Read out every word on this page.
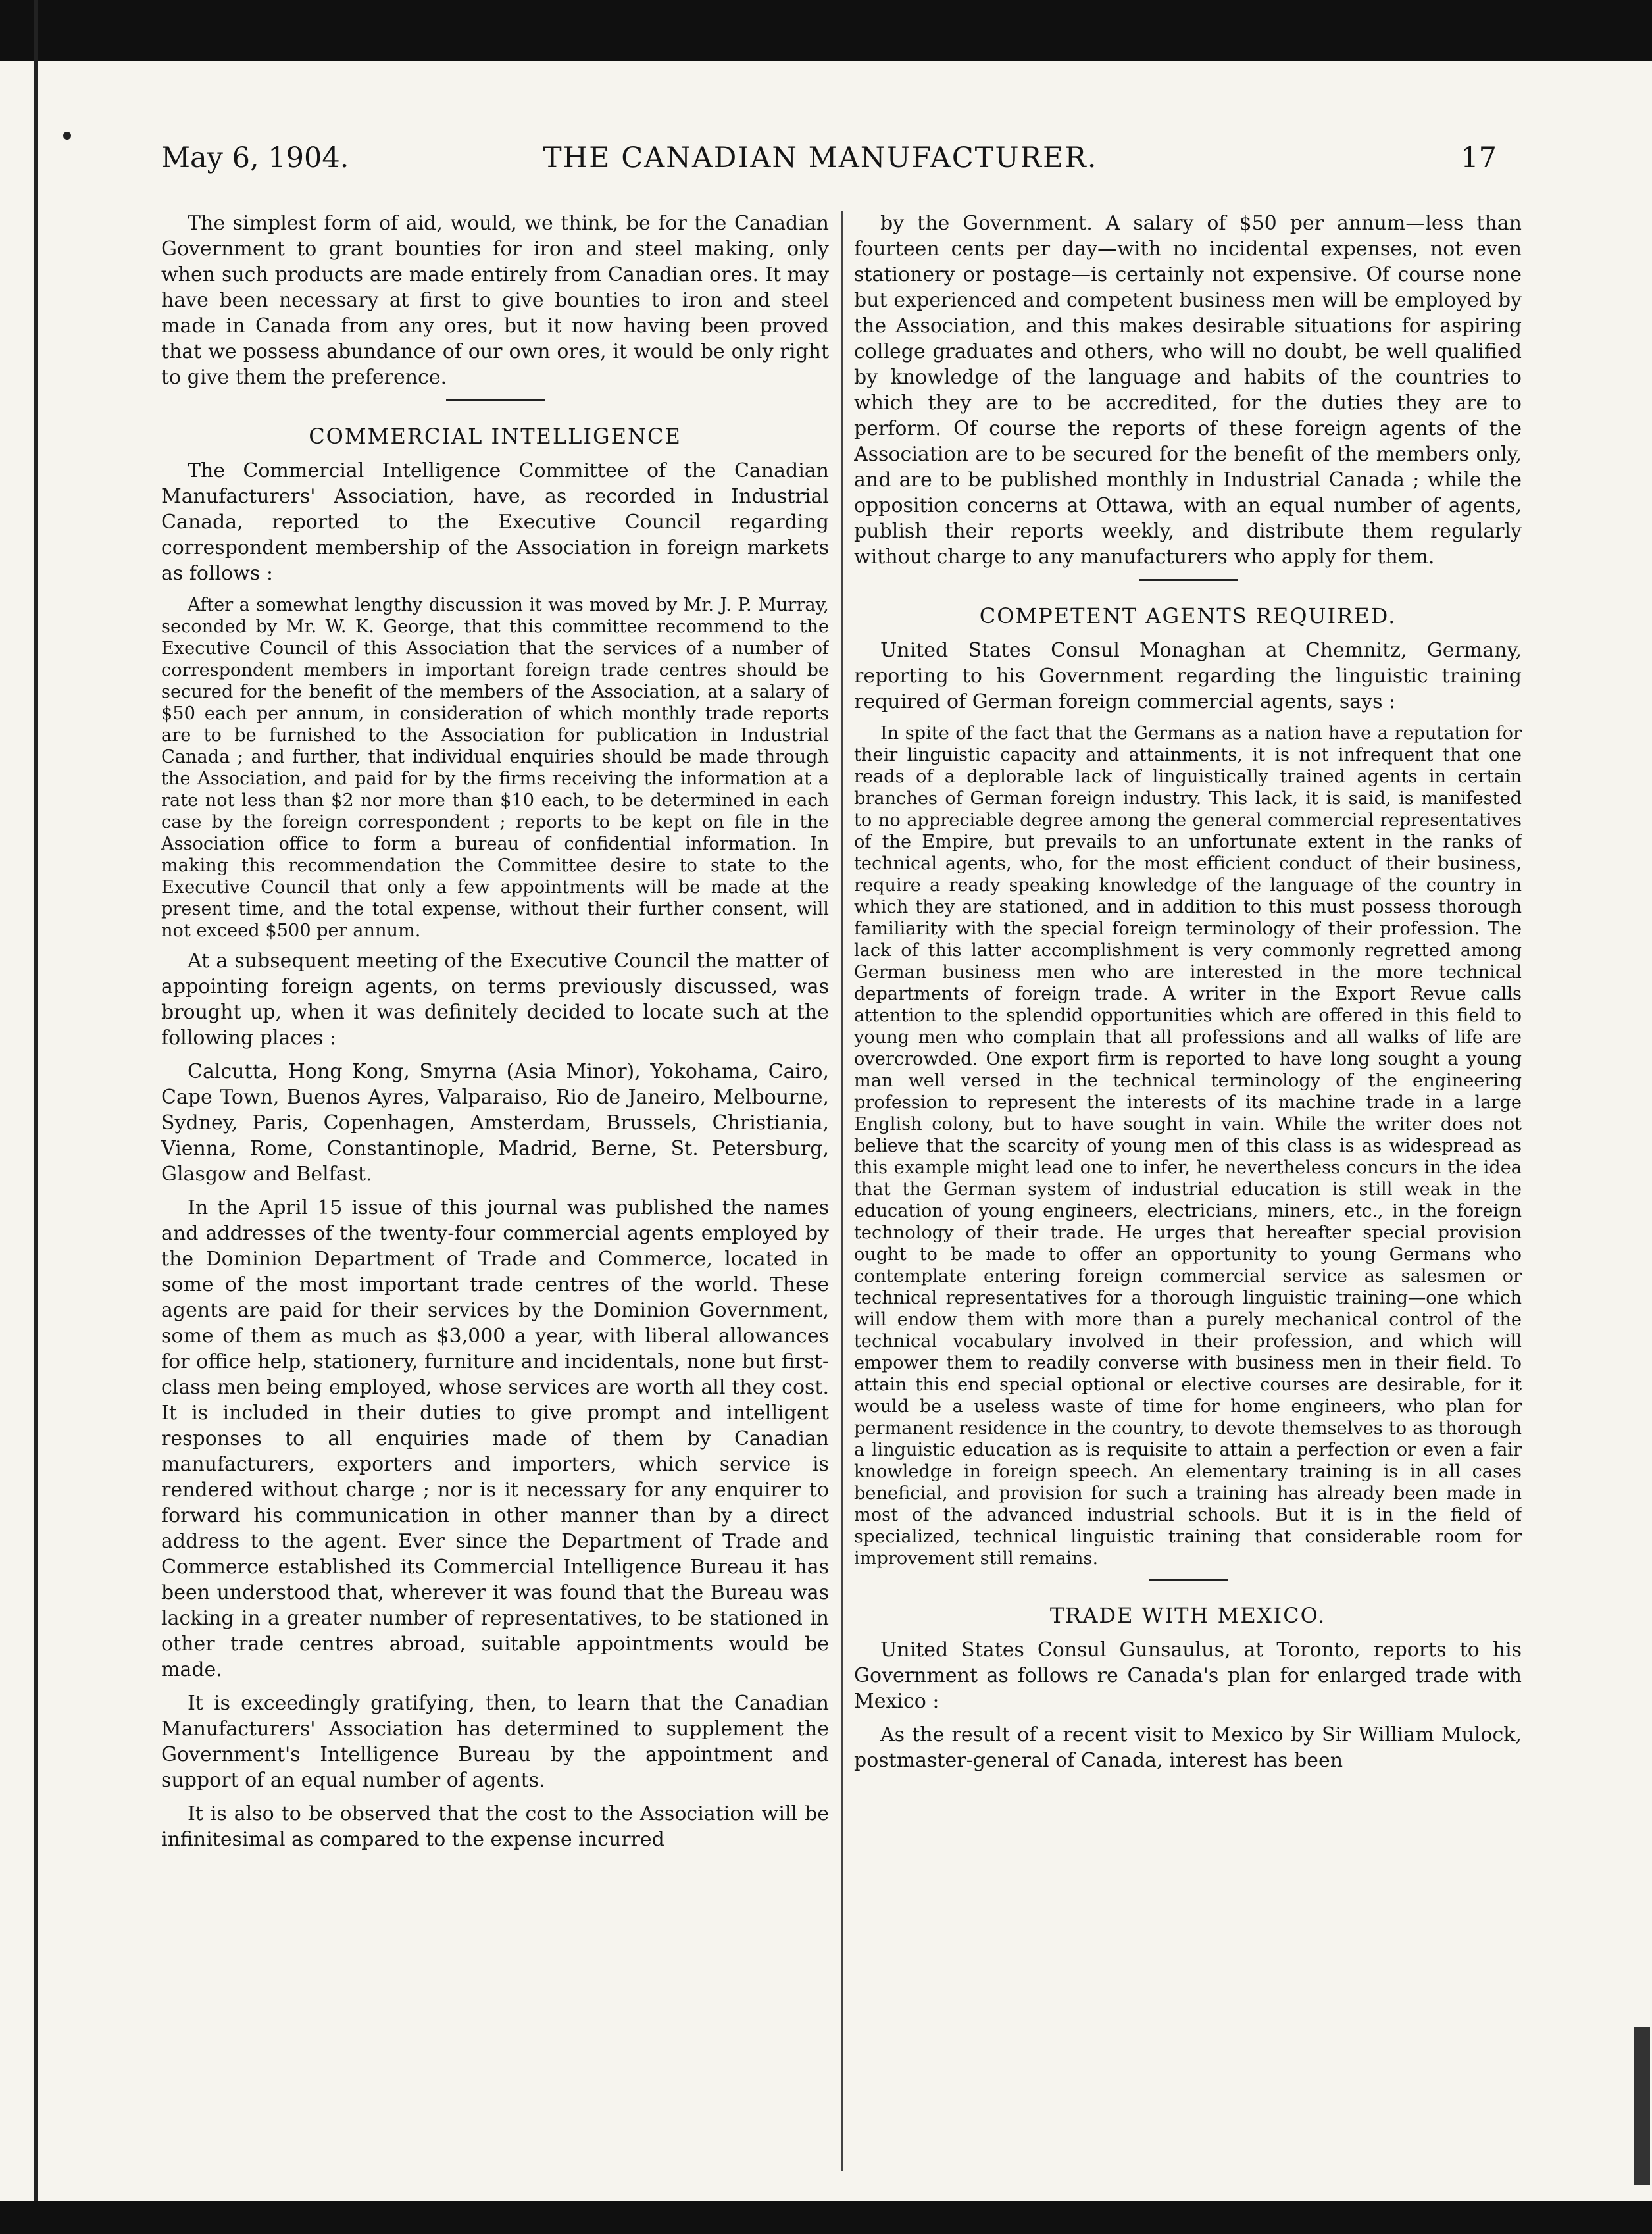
May 6, 1904.	THE CANADIAN MANUFACTURER.	17

The simplest form of aid, would, we think, be for the Canadian Government to grant bounties for iron and steel making, only when such products are made entirely from Canadian ores. It may have been necessary at first to give bounties to iron and steel made in Canada from any ores, but it now having been proved that we possess abundance of our own ores, it would be only right to give them the preference.

COMMERCIAL INTELLIGENCE

The Commercial Intelligence Committee of the Canadian Manufacturers' Association, have, as recorded in Industrial Canada, reported to the Executive Council regarding correspondent membership of the Association in foreign markets as follows :

After a somewhat lengthy discussion it was moved by Mr. J. P. Murray, seconded by Mr. W. K. George, that this committee recommend to the Executive Council of this Association that the services of a number of correspondent members in important foreign trade centres should be secured for the benefit of the members of the Association, at a salary of $50 each per annum, in consideration of which monthly trade reports are to be furnished to the Association for publication in Industrial Canada ; and further, that individual enquiries should be made through the Association, and paid for by the firms receiving the information at a rate not less than $2 nor more than $10 each, to be determined in each case by the foreign correspondent ; reports to be kept on file in the Association office to form a bureau of confidential information. In making this recommendation the Committee desire to state to the Executive Council that only a few appointments will be made at the present time, and the total expense, without their further consent, will not exceed $500 per annum.

At a subsequent meeting of the Executive Council the matter of appointing foreign agents, on terms previously discussed, was brought up, when it was definitely decided to locate such at the following places :

Calcutta, Hong Kong, Smyrna (Asia Minor), Yokohama, Cairo, Cape Town, Buenos Ayres, Valparaiso, Rio de Janeiro, Melbourne, Sydney, Paris, Copenhagen, Amsterdam, Brussels, Christiania, Vienna, Rome, Constantinople, Madrid, Berne, St. Petersburg, Glasgow and Belfast.

In the April 15 issue of this journal was published the names and addresses of the twenty-four commercial agents employed by the Dominion Department of Trade and Commerce, located in some of the most important trade centres of the world. These agents are paid for their services by the Dominion Government, some of them as much as $3,000 a year, with liberal allowances for office help, stationery, furniture and incidentals, none but first-class men being employed, whose services are worth all they cost. It is included in their duties to give prompt and intelligent responses to all enquiries made of them by Canadian manufacturers, exporters and importers, which service is rendered without charge ; nor is it necessary for any enquirer to forward his communication in other manner than by a direct address to the agent. Ever since the Department of Trade and Commerce established its Commercial Intelligence Bureau it has been understood that, wherever it was found that the Bureau was lacking in a greater number of representatives, to be stationed in other trade centres abroad, suitable appointments would be made.

It is exceedingly gratifying, then, to learn that the Canadian Manufacturers' Association has determined to supplement the Government's Intelligence Bureau by the appointment and support of an equal number of agents.

It is also to be observed that the cost to the Association will be infinitesimal as compared to the expense incurred

by the Government. A salary of $50 per annum—less than fourteen cents per day—with no incidental expenses, not even stationery or postage—is certainly not expensive. Of course none but experienced and competent business men will be employed by the Association, and this makes desirable situations for aspiring college graduates and others, who will no doubt, be well qualified by knowledge of the language and habits of the countries to which they are to be accredited, for the duties they are to perform. Of course the reports of these foreign agents of the Association are to be secured for the benefit of the members only, and are to be published monthly in Industrial Canada ; while the opposition concerns at Ottawa, with an equal number of agents, publish their reports weekly, and distribute them regularly without charge to any manufacturers who apply for them.

COMPETENT AGENTS REQUIRED.

United States Consul Monaghan at Chemnitz, Germany, reporting to his Government regarding the linguistic training required of German foreign commercial agents, says :

In spite of the fact that the Germans as a nation have a reputation for their linguistic capacity and attainments, it is not infrequent that one reads of a deplorable lack of linguistically trained agents in certain branches of German foreign industry. This lack, it is said, is manifested to no appreciable degree among the general commercial representatives of the Empire, but prevails to an unfortunate extent in the ranks of technical agents, who, for the most efficient conduct of their business, require a ready speaking knowledge of the language of the country in which they are stationed, and in addition to this must possess thorough familiarity with the special foreign terminology of their profession. The lack of this latter accomplishment is very commonly regretted among German business men who are interested in the more technical departments of foreign trade. A writer in the Export Revue calls attention to the splendid opportunities which are offered in this field to young men who complain that all professions and all walks of life are overcrowded. One export firm is reported to have long sought a young man well versed in the technical terminology of the engineering profession to represent the interests of its machine trade in a large English colony, but to have sought in vain. While the writer does not believe that the scarcity of young men of this class is as widespread as this example might lead one to infer, he nevertheless concurs in the idea that the German system of industrial education is still weak in the education of young engineers, electricians, miners, etc., in the foreign technology of their trade. He urges that hereafter special provision ought to be made to offer an opportunity to young Germans who contemplate entering foreign commercial service as salesmen or technical representatives for a thorough linguistic training—one which will endow them with more than a purely mechanical control of the technical vocabulary involved in their profession, and which will empower them to readily converse with business men in their field. To attain this end special optional or elective courses are desirable, for it would be a useless waste of time for home engineers, who plan for permanent residence in the country, to devote themselves to as thorough a linguistic education as is requisite to attain a perfection or even a fair knowledge in foreign speech. An elementary training is in all cases beneficial, and provision for such a training has already been made in most of the advanced industrial schools. But it is in the field of specialized, technical linguistic training that considerable room for improvement still remains.

TRADE WITH MEXICO.

United States Consul Gunsaulus, at Toronto, reports to his Government as follows re Canada's plan for enlarged trade with Mexico :

As the result of a recent visit to Mexico by Sir William Mulock, postmaster-general of Canada, interest has been
